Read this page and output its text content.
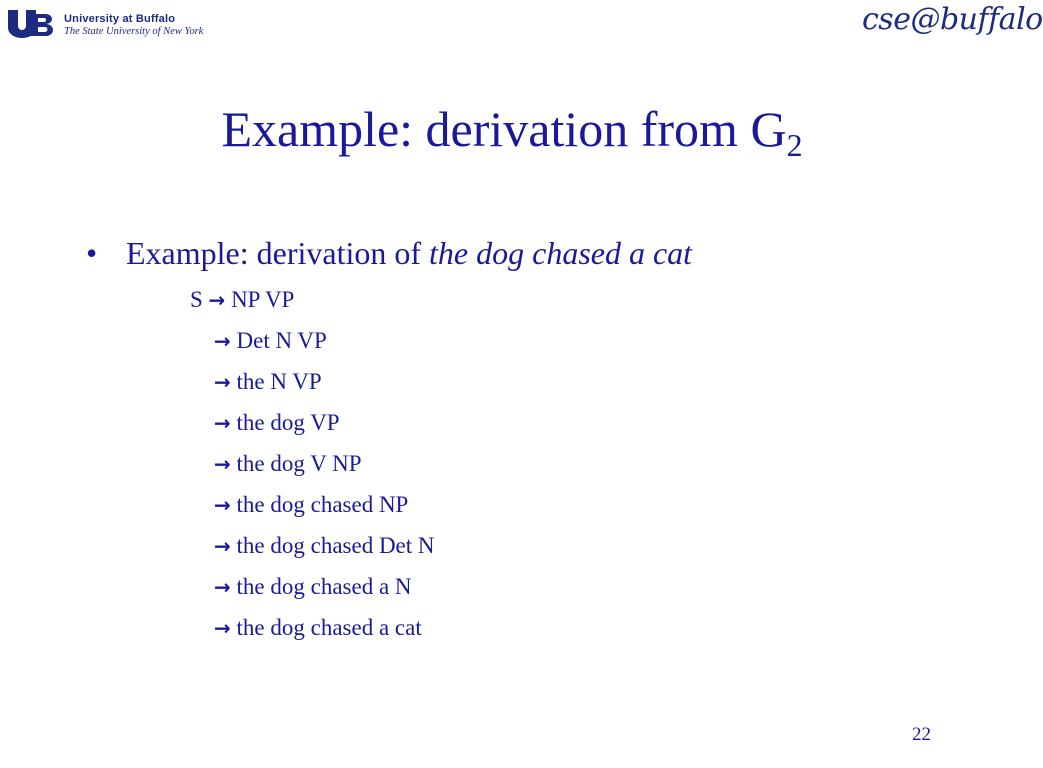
University at Buffalo
The State University of New York	cse@buffalo
Example: derivation from $G_2$
• Example: derivation of the dog chased a cat
S → NP VP
→ Det N VP
→ the N VP
→ the dog VP
→ the dog V NP
→ the dog chased NP
→ the dog chased Det N
→ the dog chased a N
→ the dog chased a cat
22
